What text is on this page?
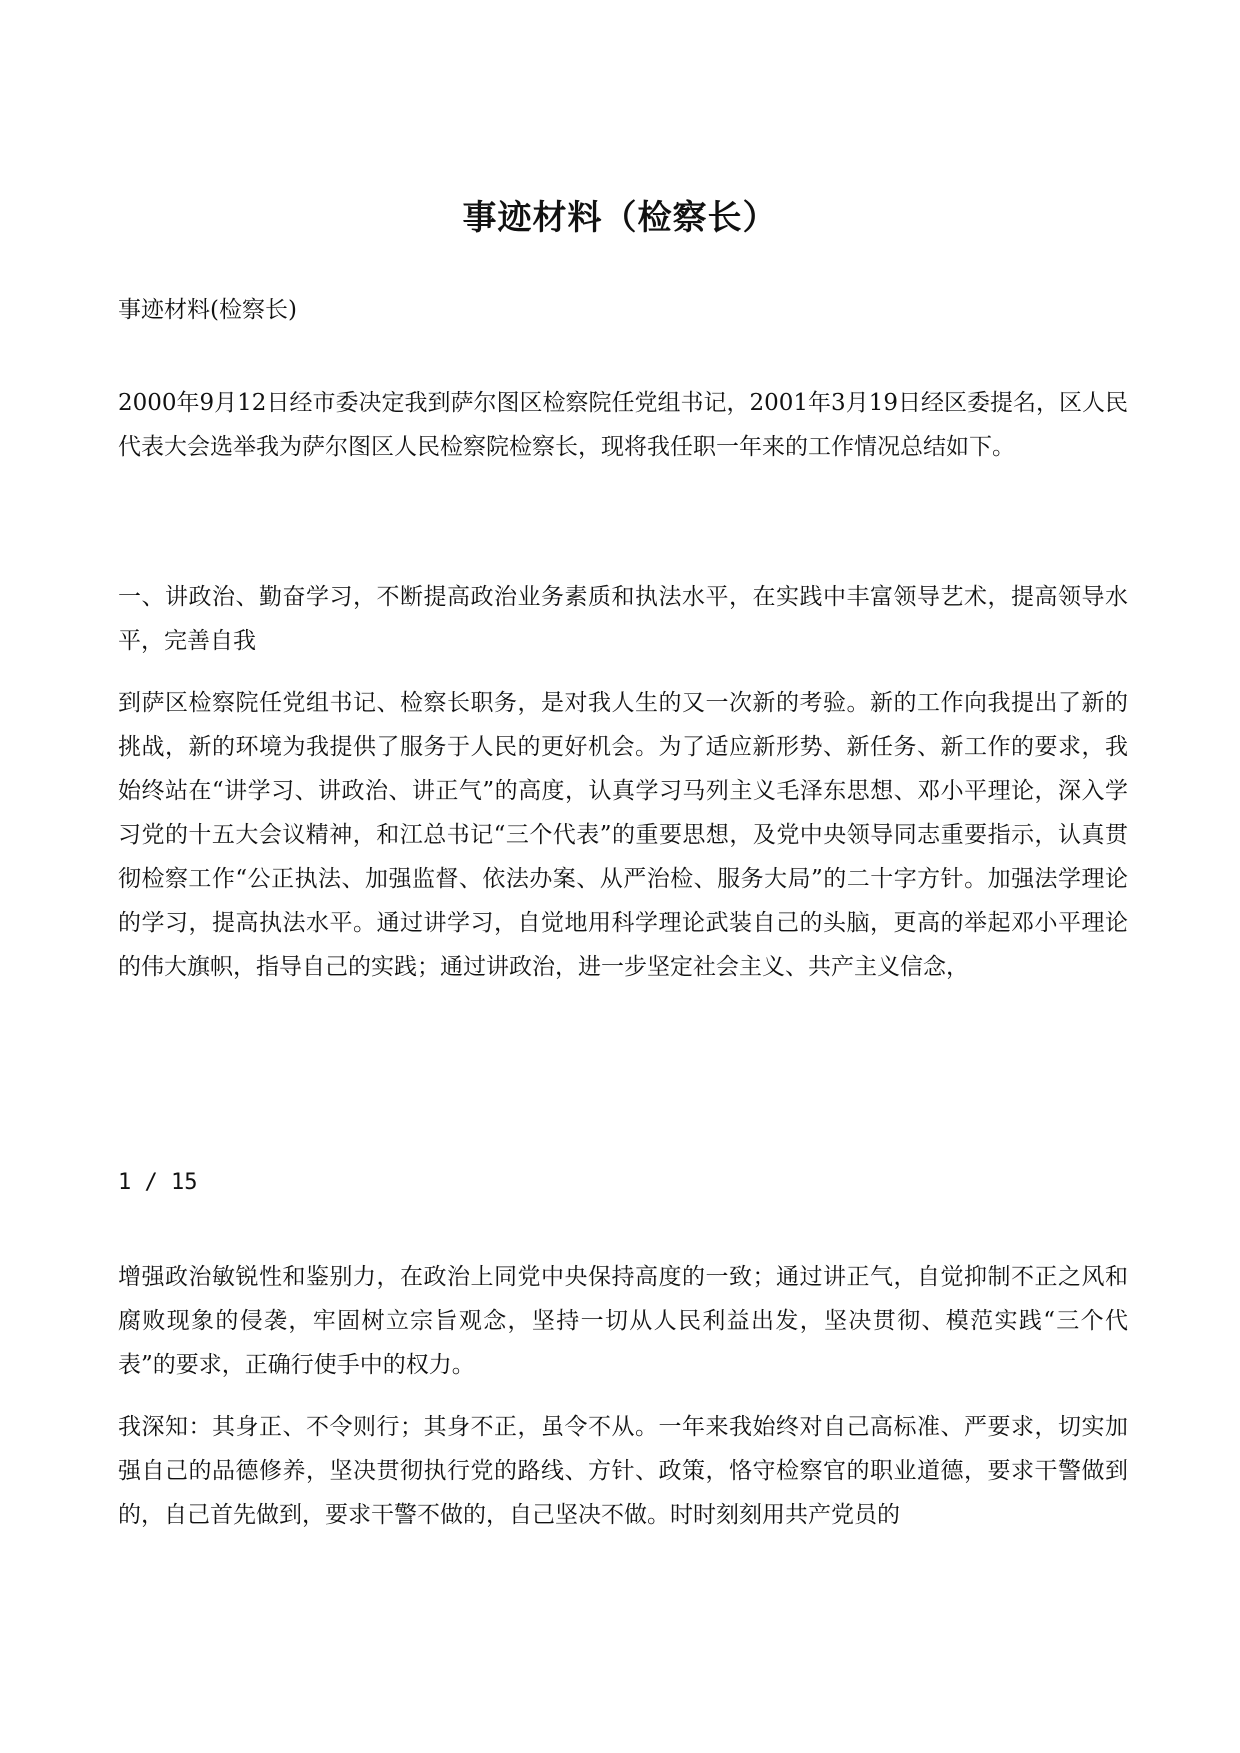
事迹材料（检察长）

事迹材料(检察长)

2000年9月12日经市委决定我到萨尔图区检察院任党组书记，2001年3月19日经区委提名，区人民代表大会选举我为萨尔图区人民检察院检察长，现将我任职一年来的工作情况总结如下。

一、讲政治、勤奋学习，不断提高政治业务素质和执法水平，在实践中丰富领导艺术，提高领导水平，完善自我

到萨区检察院任党组书记、检察长职务，是对我人生的又一次新的考验。新的工作向我提出了新的挑战，新的环境为我提供了服务于人民的更好机会。为了适应新形势、新任务、新工作的要求，我始终站在“讲学习、讲政治、讲正气”的高度，认真学习马列主义毛泽东思想、邓小平理论，深入学习党的十五大会议精神，和江总书记“三个代表”的重要思想，及党中央领导同志重要指示，认真贯彻检察工作“公正执法、加强监督、依法办案、从严治检、服务大局”的二十字方针。加强法学理论的学习，提高执法水平。通过讲学习，自觉地用科学理论武装自己的头脑，更高的举起邓小平理论的伟大旗帜，指导自己的实践；通过讲政治，进一步坚定社会主义、共产主义信念，

1 / 15

增强政治敏锐性和鉴别力，在政治上同党中央保持高度的一致；通过讲正气，自觉抑制不正之风和腐败现象的侵袭，牢固树立宗旨观念，坚持一切从人民利益出发，坚决贯彻、模范实践“三个代表”的要求，正确行使手中的权力。

我深知：其身正、不令则行；其身不正，虽令不从。一年来我始终对自己高标准、严要求，切实加强自己的品德修养，坚决贯彻执行党的路线、方针、政策，恪守检察官的职业道德，要求干警做到的，自己首先做到，要求干警不做的，自己坚决不做。时时刻刻用共产党员的
